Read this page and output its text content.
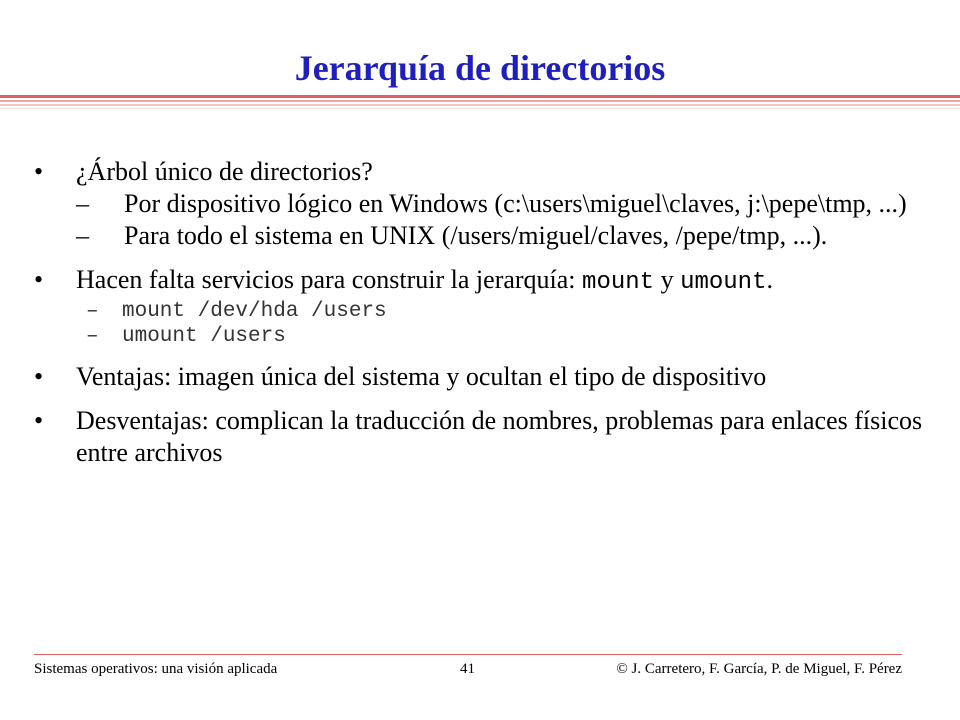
Jerarquía de directorios
•	¿Árbol único de directorios?
– Por dispositivo lógico en Windows (c:\users\miguel\claves, j:\pepe\tmp, ...)
– Para todo el sistema en UNIX (/users/miguel/claves, /pepe/tmp, ...).
•	Hacen falta servicios para construir la jerarquía: mount y umount.
– mount /dev/hda /users
– umount /users
•	Ventajas: imagen única del sistema y ocultan el tipo de dispositivo
•	Desventajas: complican la traducción de nombres, problemas para enlaces físicos entre archivos
Sistemas operativos: una visión aplicada	41	© J. Carretero, F. García, P. de Miguel, F. Pérez
